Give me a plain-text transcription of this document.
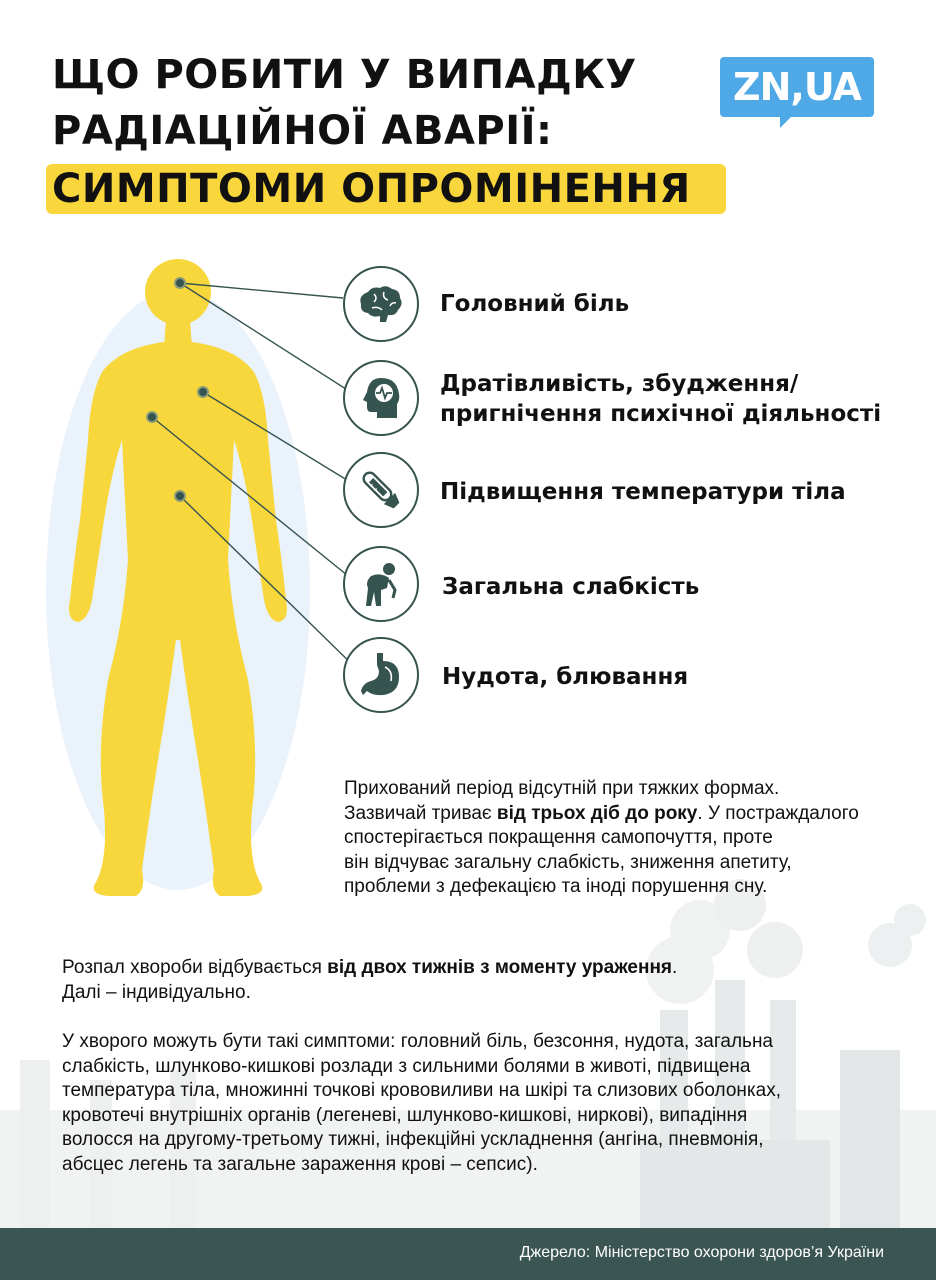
ЩО РОБИТИ У ВИПАДКУ
РАДІАЦІЙНОЇ АВАРІЇ:
СИМПТОМИ ОПРОМІНЕННЯ
ZN,UA
Головний біль
Дратівливість, збудження/
пригнічення психічної діяльності
Підвищення температури тіла
Загальна слабкість
Нудота, блювання
Прихований період відсутній при тяжких формах.
Зазвичай триває від трьох діб до року. У постраждалого
спостерігається покращення самопочуття, проте
він відчуває загальну слабкість, зниження апетиту,
проблеми з дефекацією та іноді порушення сну.
Розпал хвороби відбувається від двох тижнів з моменту ураження.
Далі – індивідуально.
У хворого можуть бути такі симптоми: головний біль, безсоння, нудота, загальна
слабкість, шлунково-кишкові розлади з сильними болями в животі, підвищена
температура тіла, множинні точкові крововиливи на шкірі та слизових оболонках,
кровотечі внутрішніх органів (легеневі, шлунково-кишкові, ниркові), випадіння
волосся на другому-третьому тижні, інфекційні ускладнення (ангіна, пневмонія,
абсцес легень та загальне зараження крові – сепсис).
Джерело: Міністерство охорони здоров’я України
